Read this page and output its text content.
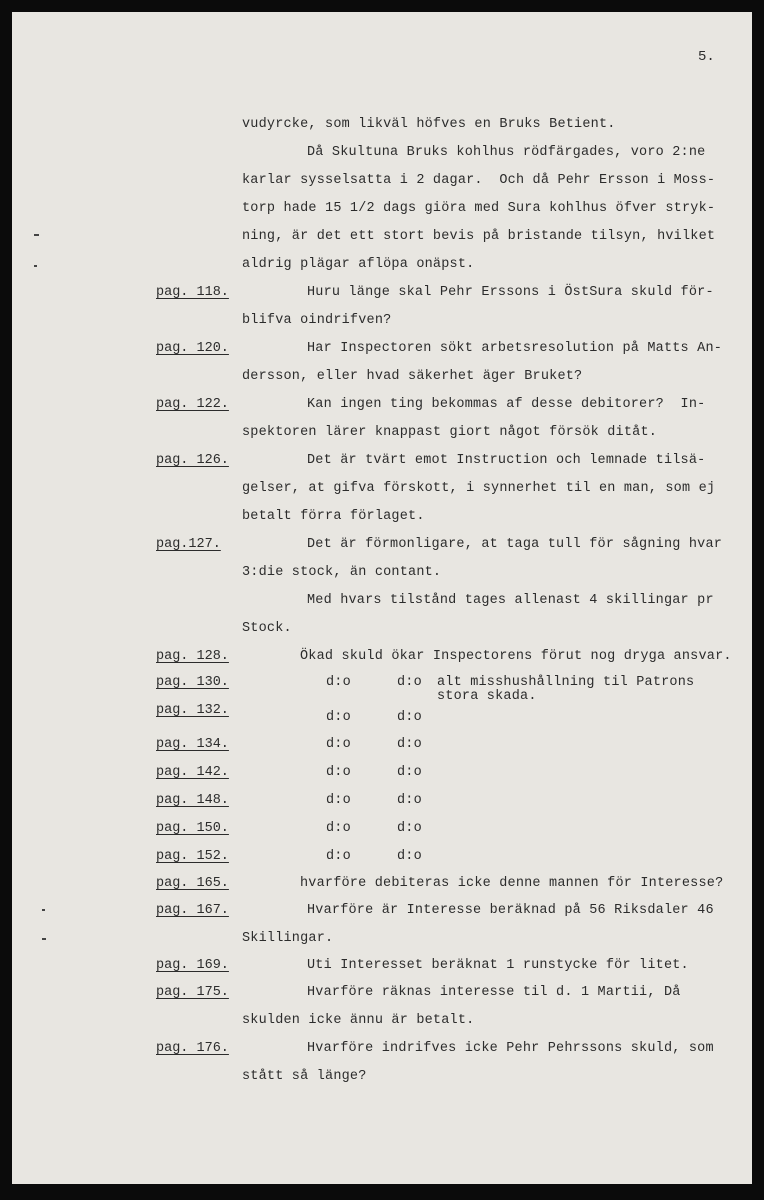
5.
vudyrcke, som likväl höfves en Bruks Betient.
Då Skultuna Bruks kohlhus rödfärgades, voro 2:ne
karlar sysselsatta i 2 dagar.  Och då Pehr Ersson i Moss-
torp hade 15 1/2 dags giöra med Sura kohlhus öfver stryk-
ning, är det ett stort bevis på bristande tilsyn, hvilket
aldrig plägar aflöpa onäpst.
pag. 118.	Huru länge skal Pehr Erssons i ÖstSura skuld för-
blifva oindrifven?
pag. 120.	Har Inspectoren sökt arbetsresolution på Matts An-
dersson, eller hvad säkerhet äger Bruket?
pag. 122.	Kan ingen ting bekommas af desse debitorer?  In-
spektoren lärer knappast giort något försök ditåt.
pag. 126.	Det är tvärt emot Instruction och lemnade tilsä-
gelser, at gifva förskott, i synnerhet til en man, som ej
betalt förra förlaget.
pag.127.	Det är förmonligare, at taga tull för sågning hvar
3:die stock, än contant.
Med hvars tilstånd tages allenast 4 skillingar pr
Stock.
pag. 128.	Ökad skuld ökar Inspectorens förut nog dryga ansvar.
pag. 130.	d:o	d:o alt misshushållning til Patrons
stora skada.
pag. 132.	d:o	d:o
pag. 134.	d:o	d:o
pag. 142.	d:o	d:o
pag. 148.	d:o	d:o
pag. 150.	d:o	d:o
pag. 152.	d:o	d:o
pag. 165.	hvarföre debiteras icke denne mannen för Interesse?
pag. 167.	Hvarföre är Interesse beräknad på 56 Riksdaler 46
Skillingar.
pag. 169.	Uti Interesset beräknat 1 runstycke för litet.
pag. 175.	Hvarföre räknas interesse til d. 1 Martii, Då
skulden icke ännu är betalt.
pag. 176.	Hvarföre indrifves icke Pehr Pehrssons skuld, som
stått så länge?
